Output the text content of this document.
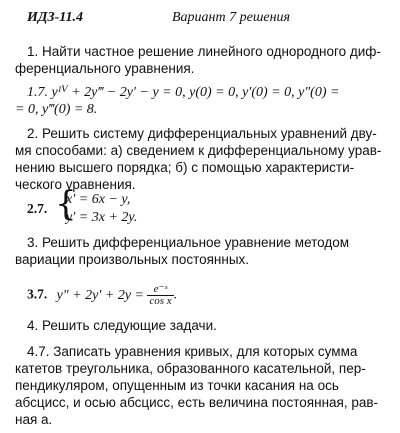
ИДЗ-11.4	Вариант 7 решения
1. Найти частное решение линейного однородного диф-
ференциального уравнения.
1.7. yᴵⱽ + 2y‴ − 2y′ − y = 0, y(0) = 0, y′(0) = 0, y″(0) =
= 0, y‴(0) = 8.
2. Решить систему дифференциальных уравнений дву-
мя способами: а) сведением к дифференциальному урав-
нению высшего порядка; б) с помощью характеристи-
ческого уравнения.
2.7. {
x′ = 6x − y,
y′ = 3x + 2y.
3. Решить дифференциальное уравнение методом
вариации произвольных постоянных.
3.7. $y'' + 2y' + 2y = \frac{\text{e⁻ˣ}}{\text{cos x}}$ .
4. Решить следующие задачи.
4.7. Записать уравнения кривых, для которых сумма
катетов треугольника, образованного касательной, пер-
пендикуляром, опущенным из точки касания на ось
абсцисс, и осью абсцисс, есть величина постоянная, рав-
ная a.
